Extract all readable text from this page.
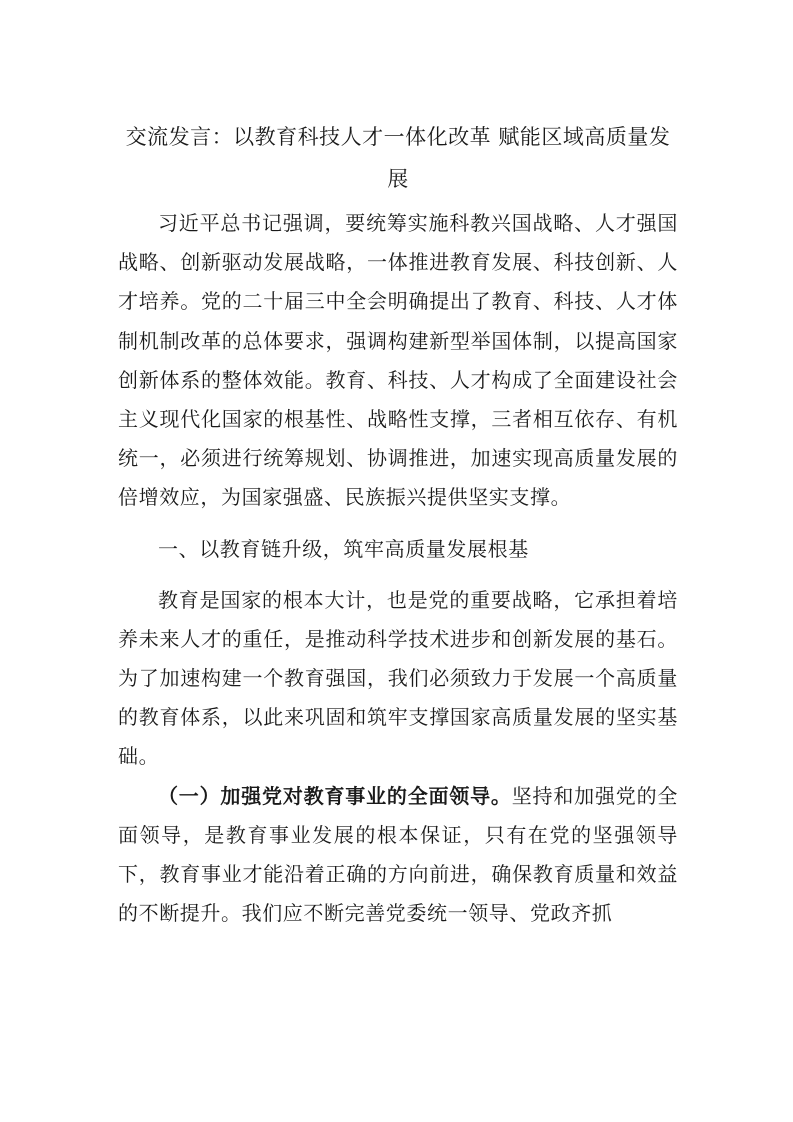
交流发言：以教育科技人才一体化改革 赋能区域高质量发展

习近平总书记强调，要统筹实施科教兴国战略、人才强国战略、创新驱动发展战略，一体推进教育发展、科技创新、人才培养。党的二十届三中全会明确提出了教育、科技、人才体制机制改革的总体要求，强调构建新型举国体制，以提高国家创新体系的整体效能。教育、科技、人才构成了全面建设社会主义现代化国家的根基性、战略性支撑，三者相互依存、有机统一，必须进行统筹规划、协调推进，加速实现高质量发展的倍增效应，为国家强盛、民族振兴提供坚实支撑。

一、以教育链升级，筑牢高质量发展根基

教育是国家的根本大计，也是党的重要战略，它承担着培养未来人才的重任，是推动科学技术进步和创新发展的基石。为了加速构建一个教育强国，我们必须致力于发展一个高质量的教育体系，以此来巩固和筑牢支撑国家高质量发展的坚实基础。

（一）加强党对教育事业的全面领导。坚持和加强党的全面领导，是教育事业发展的根本保证，只有在党的坚强领导下，教育事业才能沿着正确的方向前进，确保教育质量和效益的不断提升。我们应不断完善党委统一领导、党政齐抓
